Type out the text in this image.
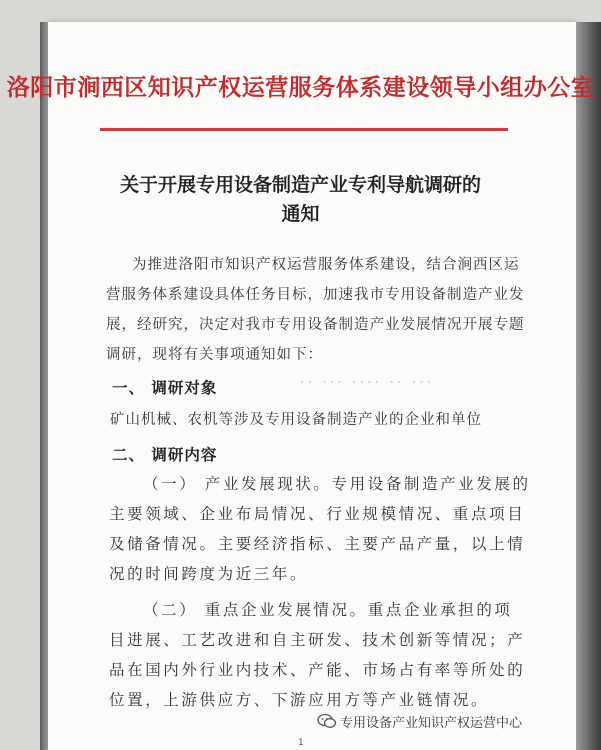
洛阳市涧西区知识产权运营服务体系建设领导小组办公室
关于开展专用设备制造产业专利导航调研的
通知
为推进洛阳市知识产权运营服务体系建设，结合涧西区运
营服务体系建设具体任务目标，加速我市专用设备制造产业发
展，经研究，决定对我市专用设备制造产业发展情况开展专题
调研，现将有关事项通知如下：
·· ··· ···· ·· ···
一、 调研对象
矿山机械、农机等涉及专用设备制造产业的企业和单位
二、 调研内容
（一） 产业发展现状。专用设备制造产业发展的
主要领域、企业布局情况、行业规模情况、重点项目
及储备情况。主要经济指标、主要产品产量，以上情
况的时间跨度为近三年。
（二） 重点企业发展情况。重点企业承担的项
目进展、工艺改进和自主研发、技术创新等情况；产
品在国内外行业内技术、产能、市场占有率等所处的
位置，上游供应方、下游应用方等产业链情况。
专用设备产业知识产权运营中心
1
